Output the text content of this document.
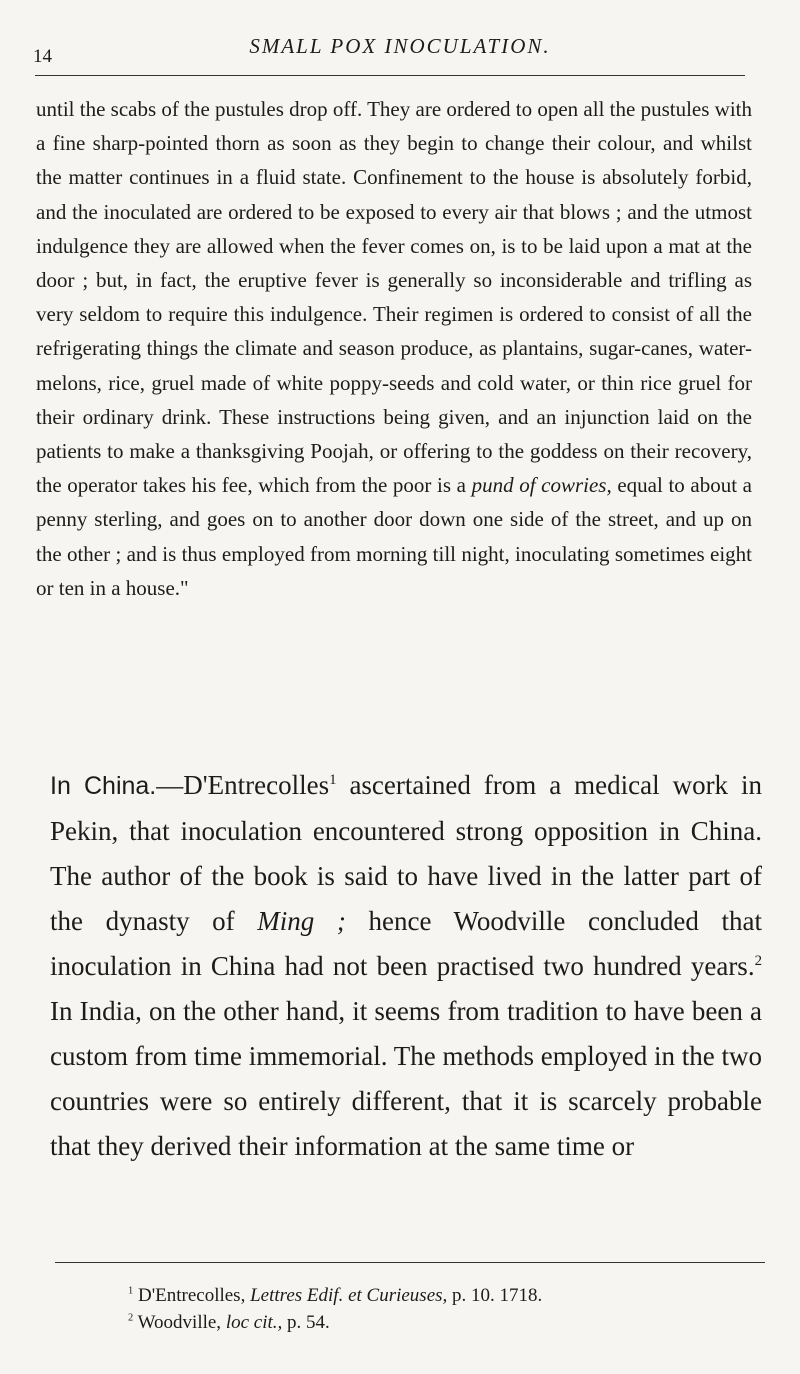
14	SMALL POX INOCULATION.

until the scabs of the pustules drop off. They are ordered to open all the pustules with a fine sharp-pointed thorn as soon as they begin to change their colour, and whilst the matter continues in a fluid state. Confinement to the house is absolutely forbid, and the inoculated are ordered to be exposed to every air that blows ; and the utmost indulgence they are allowed when the fever comes on, is to be laid upon a mat at the door ; but, in fact, the eruptive fever is generally so inconsiderable and trifling as very seldom to require this indulgence. Their regimen is ordered to consist of all the refrigerating things the climate and season produce, as plantains, sugar-canes, water-melons, rice, gruel made of white poppy-seeds and cold water, or thin rice gruel for their ordinary drink. These instructions being given, and an injunction laid on the patients to make a thanksgiving Poojah, or offering to the goddess on their recovery, the operator takes his fee, which from the poor is a pund of cowries, equal to about a penny sterling, and goes on to another door down one side of the street, and up on the other ; and is thus employed from morning till night, inoculating sometimes eight or ten in a house."

In China.—D'Entrecolles$^1$ ascertained from a medical work in Pekin, that inoculation encountered strong opposition in China. The author of the book is said to have lived in the latter part of the dynasty of Ming ; hence Woodville concluded that inoculation in China had not been practised two hundred years.$^2$ In India, on the other hand, it seems from tradition to have been a custom from time immemorial. The methods employed in the two countries were so entirely different, that it is scarcely probable that they derived their information at the same time or

$^1$ D'Entrecolles, Lettres Edif. et Curieuses, p. 10. 1718.

$^2$ Woodville, loc cit., p. 54.
